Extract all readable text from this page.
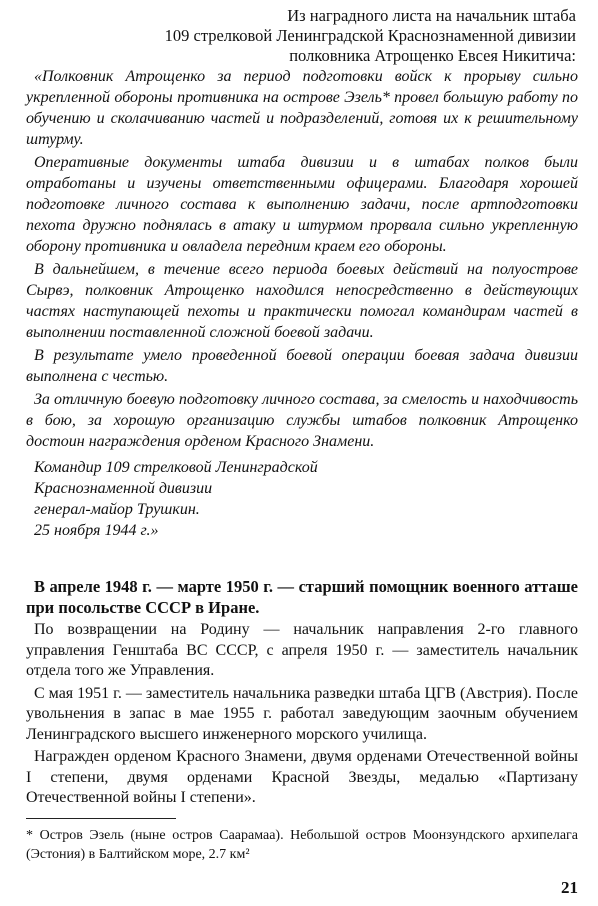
Из наградного листа на начальник штаба
109 стрелковой Ленинградской Краснознаменной дивизии
полковника Атрощенко Евсея Никитича:

«Полковник Атрощенко за период подготовки войск к прорыву сильно укрепленной обороны противника на острове Эзель* провел большую работу по обучению и сколачиванию частей и подразделений, готовя их к решительному штурму.

Оперативные документы штаба дивизии и в штабах полков были отработаны и изучены ответственными офицерами. Благодаря хорошей подготовке личного состава к выполнению задачи, после артподготовки пехота дружно поднялась в атаку и штурмом прорвала сильно укрепленную оборону противника и овладела передним краем его обороны.

В дальнейшем, в течение всего периода боевых действий на полуострове Сырвэ, полковник Атрощенко находился непосредственно в действующих частях наступающей пехоты и практически помогал командирам частей в выполнении поставленной сложной боевой задачи.

В результате умело проведенной боевой операции боевая задача дивизии выполнена с честью.

За отличную боевую подготовку личного состава, за смелость и находчивость в бою, за хорошую организацию службы штабов полковник Атрощенко достоин награждения орденом Красного Знамени.

Командир 109 стрелковой Ленинградской
Краснознаменной дивизии
генерал-майор Трушкин.
25 ноября 1944 г.»
В апреле 1948 г. — марте 1950 г. — старший помощник военного атташе при посольстве СССР в Иране.

По возвращении на Родину — начальник направления 2-го главного управления Генштаба ВС СССР, с апреля 1950 г. — заместитель начальник отдела того же Управления.

С мая 1951 г. — заместитель начальника разведки штаба ЦГВ (Австрия). После увольнения в запас в мае 1955 г. работал заведующим заочным обучением Ленинградского высшего инженерного морского училища.

Награжден орденом Красного Знамени, двумя орденами Отечественной войны I степени, двумя орденами Красной Звезды, медалью «Партизану Отечественной войны I степени».

* Остров Эзель (ныне остров Саарамаа). Небольшой остров Моонзундского архипелага (Эстония) в Балтийском море, 2.7 км²

21
